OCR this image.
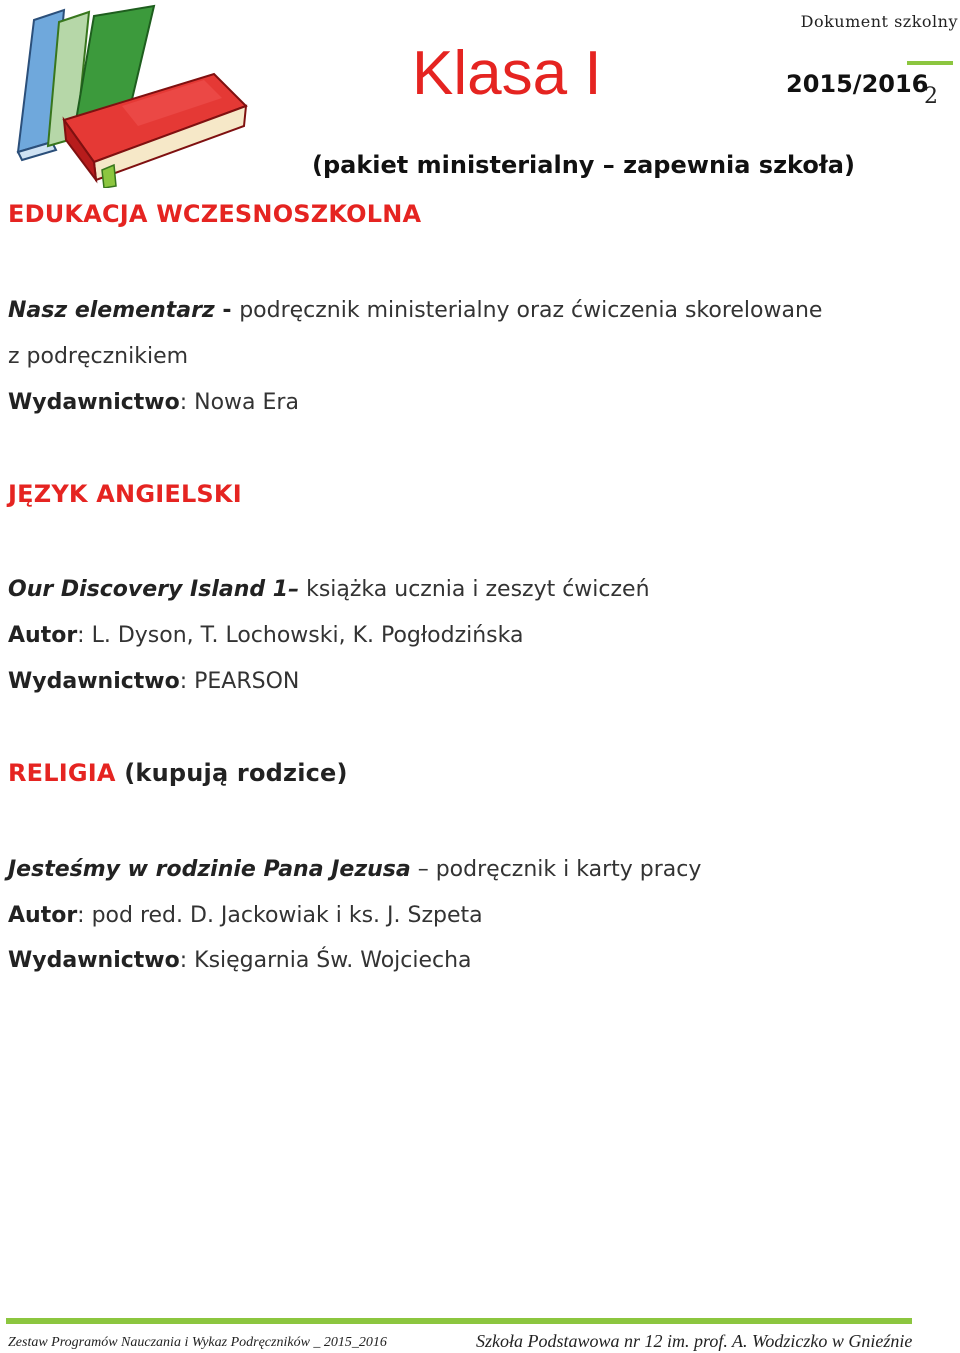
Dokument szkolny
2
Klasa I	2015/2016
(pakiet ministerialny – zapewnia szkoła)
EDUKACJA WCZESNOSZKOLNA
Nasz elementarz - podręcznik ministerialny oraz ćwiczenia skorelowane
z podręcznikiem
Wydawnictwo: Nowa Era
JĘZYK ANGIELSKI
Our Discovery Island 1– książka ucznia i zeszyt ćwiczeń
Autor: L. Dyson, T. Lochowski, K. Pogłodzińska
Wydawnictwo: PEARSON
RELIGIA (kupują rodzice)
Jesteśmy w rodzinie Pana Jezusa – podręcznik i karty pracy
Autor: pod red. D. Jackowiak i ks. J. Szpeta
Wydawnictwo: Księgarnia Św. Wojciecha
Zestaw Programów Nauczania i Wykaz Podręczników _ 2015_2016	Szkoła Podstawowa nr 12 im. prof. A. Wodziczko w Gnieźnie
